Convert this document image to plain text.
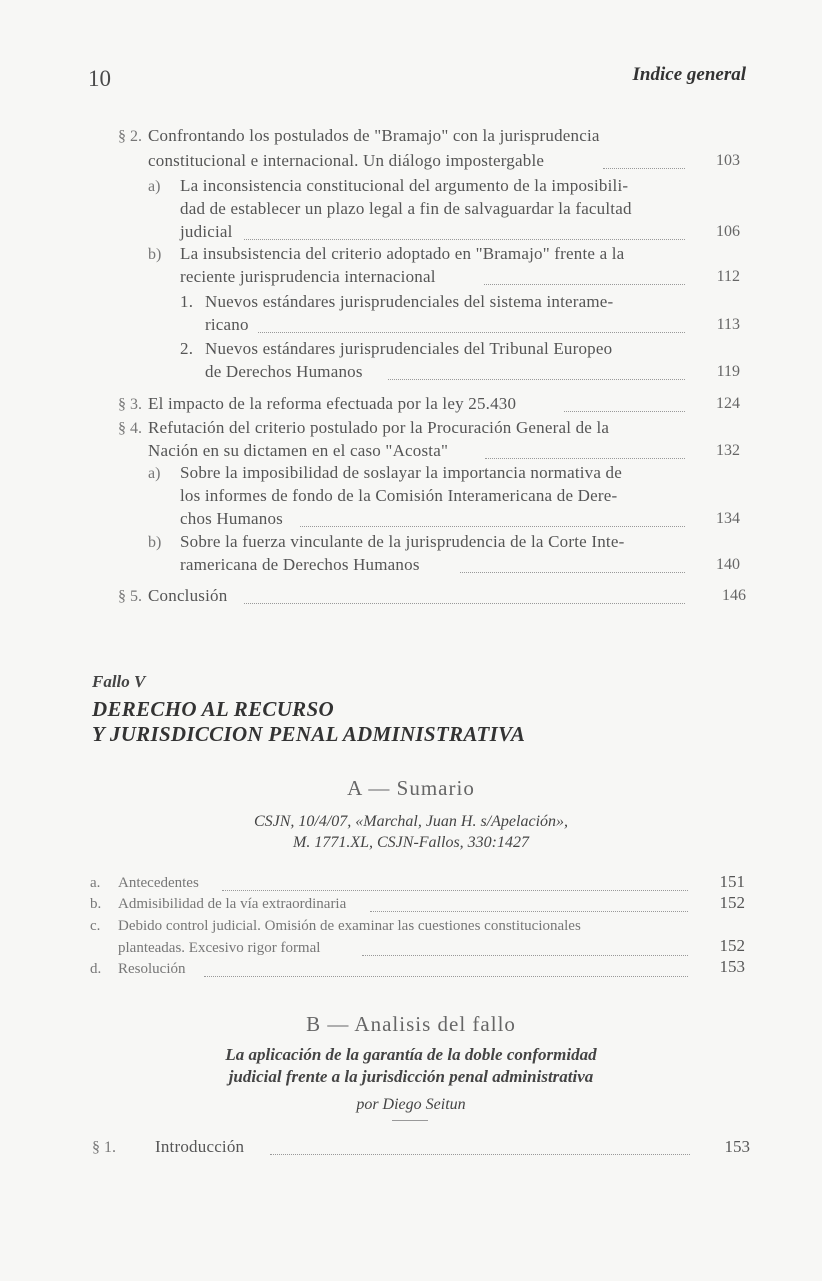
10	Indice general
§ 2. Confrontando los postulados de "Bramajo" con la jurisprudencia
constitucional e internacional. Un diálogo impostergable	103
a) La inconsistencia constitucional del argumento de la imposibili-
dad de establecer un plazo legal a fin de salvaguardar la facultad
judicial	106
b) La insubsistencia del criterio adoptado en "Bramajo" frente a la
reciente jurisprudencia internacional	112
1. Nuevos estándares jurisprudenciales del sistema interame-
ricano	113
2. Nuevos estándares jurisprudenciales del Tribunal Europeo
de Derechos Humanos	119
§ 3. El impacto de la reforma efectuada por la ley 25.430	124
§ 4. Refutación del criterio postulado por la Procuración General de la
Nación en su dictamen en el caso "Acosta"	132
a) Sobre la imposibilidad de soslayar la importancia normativa de
los informes de fondo de la Comisión Interamericana de Dere-
chos Humanos	134
b) Sobre la fuerza vinculante de la jurisprudencia de la Corte Inte-
ramericana de Derechos Humanos	140
§ 5. Conclusión	146
Fallo V
DERECHO AL RECURSO
Y JURISDICCION PENAL ADMINISTRATIVA
A — Sumario
CSJN, 10/4/07, «Marchal, Juan H. s/Apelación»,
M. 1771.XL, CSJN-Fallos, 330:1427
a. Antecedentes	151
b. Admisibilidad de la vía extraordinaria	152
c. Debido control judicial. Omisión de examinar las cuestiones constitucionales
planteadas. Excesivo rigor formal	152
d. Resolución	153
B — Analisis del fallo
La aplicación de la garantía de la doble conformidad
judicial frente a la jurisdicción penal administrativa
por Diego Seitun
§ 1. Introducción	153
